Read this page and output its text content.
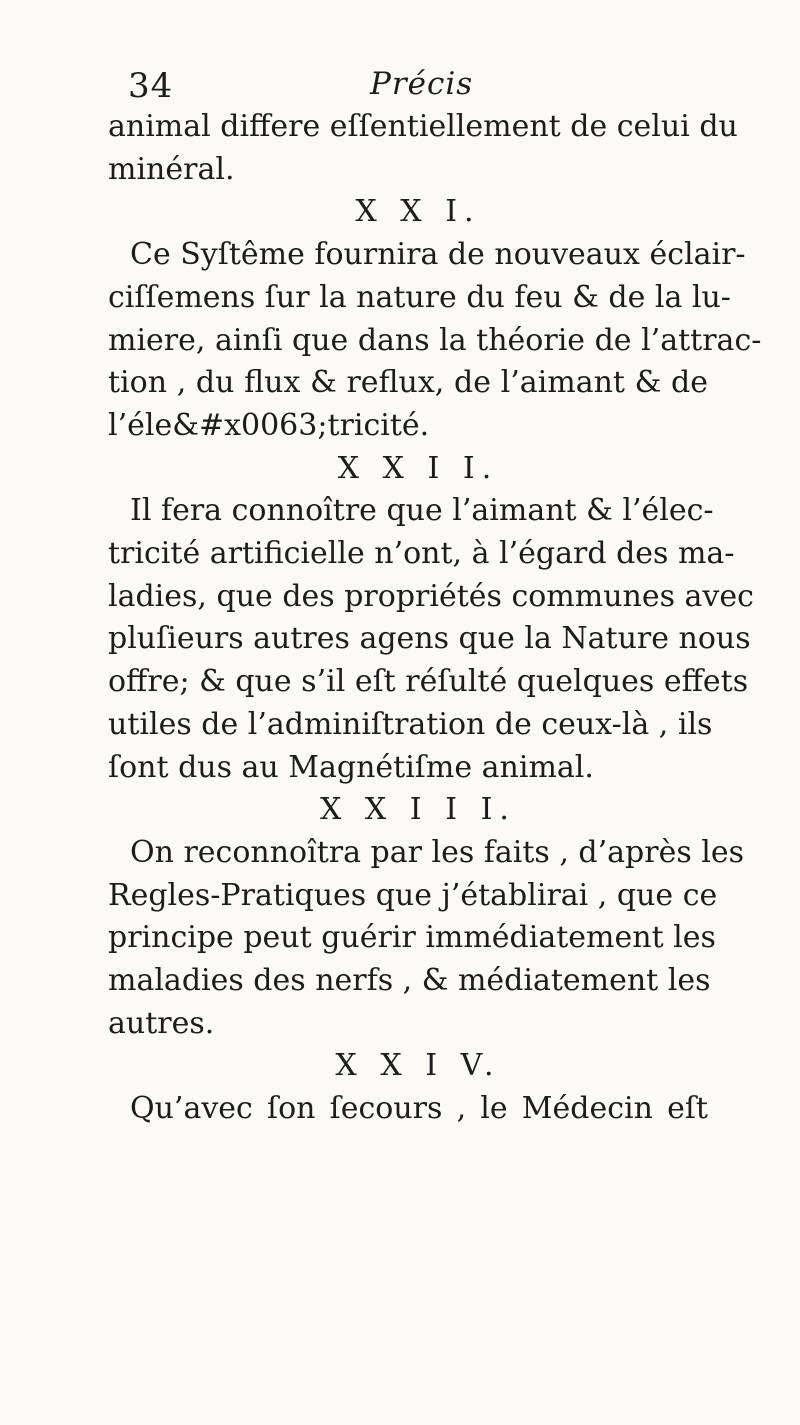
34	Précis
animal differe eſſentiellement de celui du
minéral.
X X I.
Ce Syſtême fournira de nouveaux éclair-
ciſſemens ſur la nature du feu & de la lu-
miere, ainſi que dans la théorie de l’attrac-
tion , du flux & reflux, de l’aimant & de
l’éle&#x0063;tricité.
X X I I.
Il fera connoître que l’aimant & l’élec-
tricité artificielle n’ont, à l’égard des ma-
ladies, que des propriétés communes avec
pluſieurs autres agens que la Nature nous
offre; & que s’il eſt réſulté quelques effets
utiles de l’adminiſtration de ceux-là , ils
ſont dus au Magnétiſme animal.
X X I I I.
On reconnoîtra par les faits , d’après les
Regles-Pratiques que j’établirai , que ce
principe peut guérir immédiatement les
maladies des nerfs , & médiatement les
autres.
X X I V.
Qu’avec ſon ſecours , le Médecin eſt
